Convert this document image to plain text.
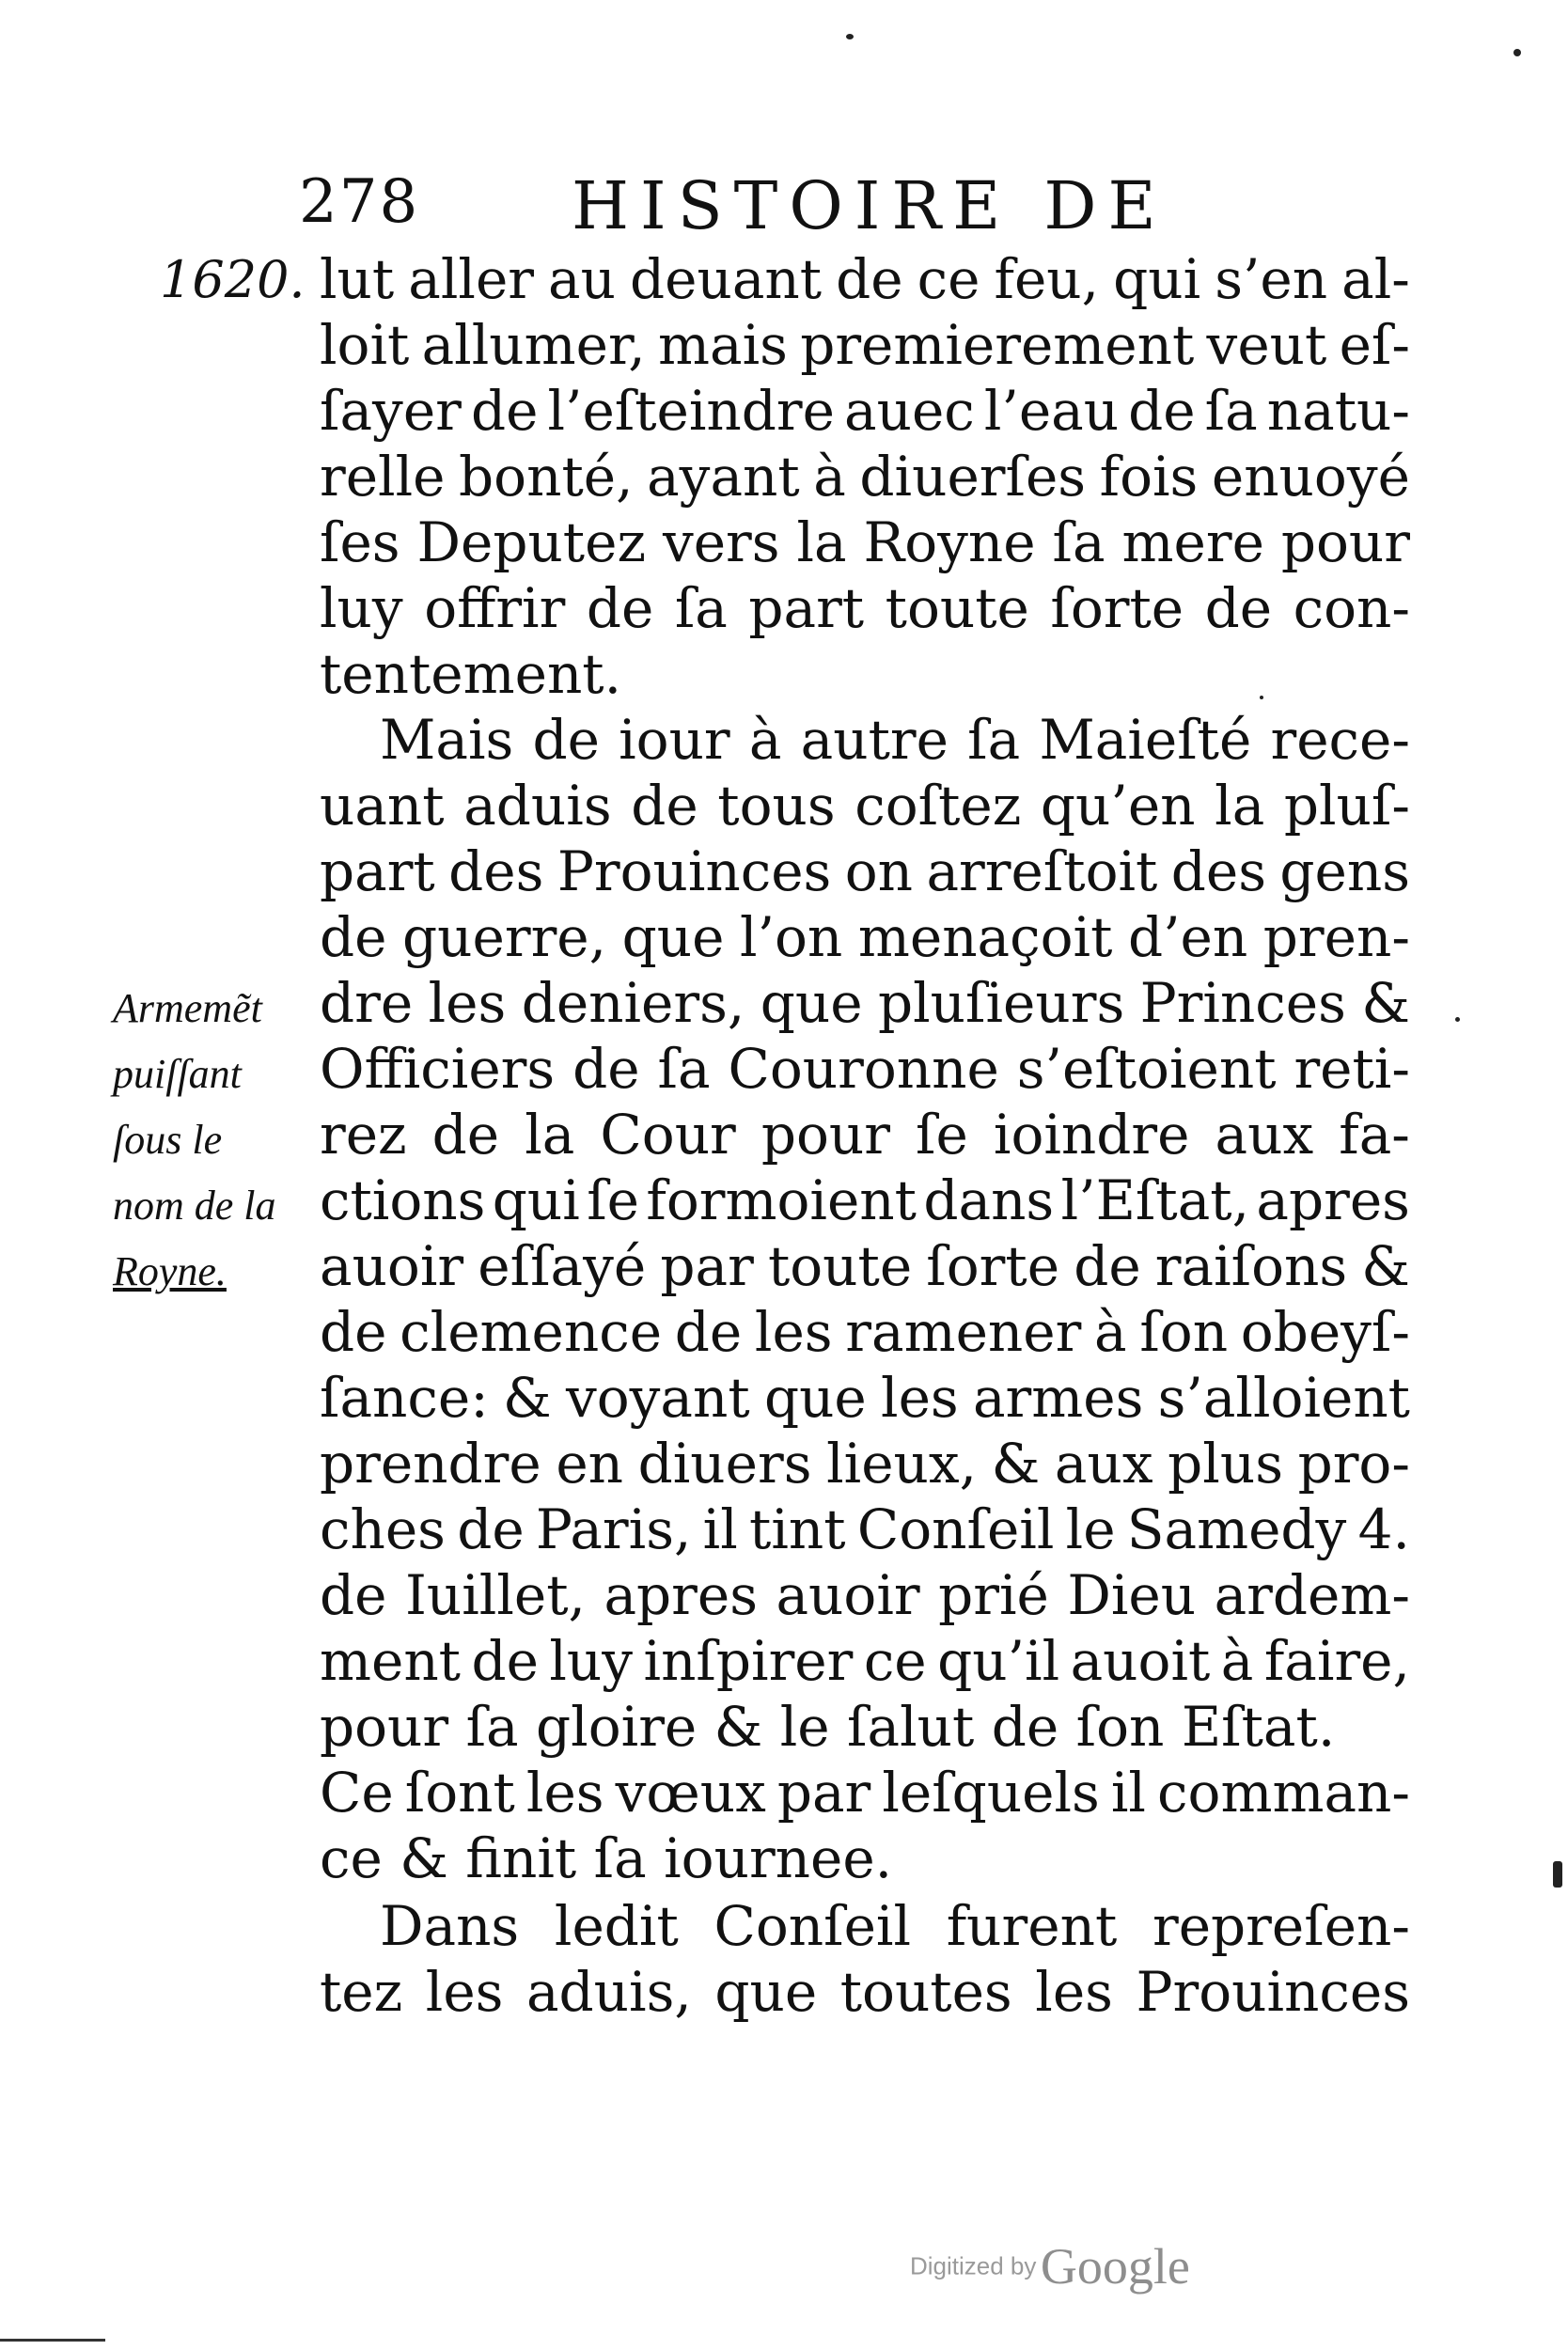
278 HISTOIRE DE
1620.
Armemẽt
puiſſant
ſous le
nom de la
Royne.
lut aller au deuant de ce feu, qui s’en al-
loit allumer, mais premierement veut eſ-
ſayer de l’eſteindre auec l’eau de ſa natu-
relle bonté, ayant à diuerſes fois enuoyé
ſes Deputez vers la Royne ſa mere pour
luy offrir de ſa part toute ſorte de con-
tentement.
Mais de iour à autre ſa Maieſté rece-
uant aduis de tous coſtez qu’en la pluſ-
part des Prouinces on arreſtoit des gens
de guerre, que l’on menaçoit d’en pren-
dre les deniers, que pluſieurs Princes &
Officiers de ſa Couronne s’eſtoient reti-
rez de la Cour pour ſe ioindre aux fa-
ctions qui ſe formoient dans l’Eſtat, apres
auoir eſſayé par toute ſorte de raiſons &
de clemence de les ramener à ſon obeyſ-
ſance: & voyant que les armes s’alloient
prendre en diuers lieux, & aux plus pro-
ches de Paris, il tint Conſeil le Samedy 4.
de Iuillet, apres auoir prié Dieu ardem-
ment de luy inſpirer ce qu’il auoit à faire,
pour ſa gloire & le ſalut de ſon Eſtat.
Ce ſont les vœux par leſquels il comman-
ce & finit ſa iournee.
Dans ledit Conſeil furent repreſen-
tez les aduis, que toutes les Prouinces
Digitized by Google
